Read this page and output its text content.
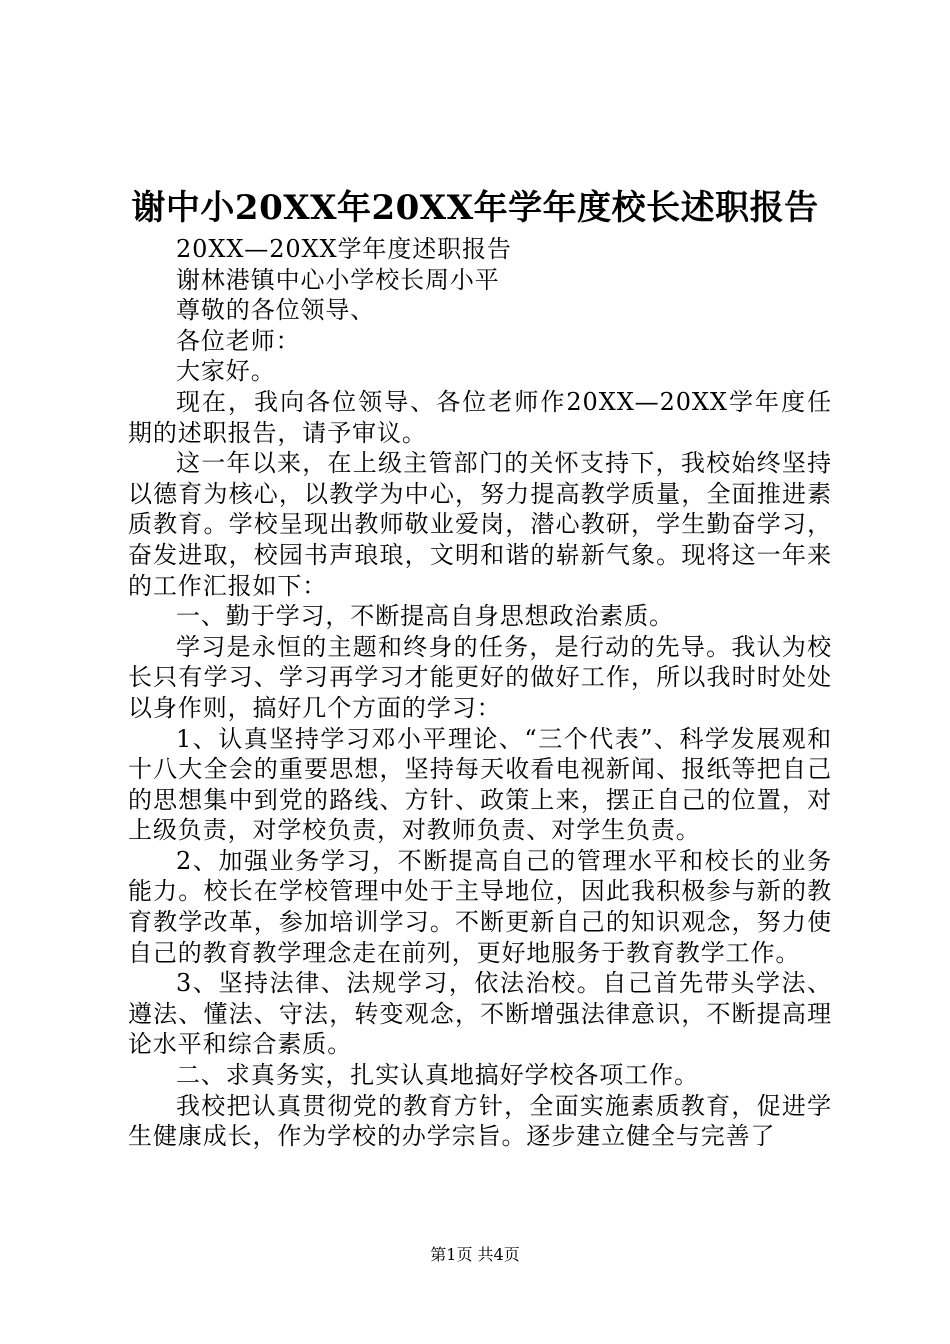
谢中小20XX年20XX年学年度校长述职报告

20XX—20XX学年度述职报告

谢林港镇中心小学校长周小平

尊敬的各位领导、

各位老师：

大家好。

现在，我向各位领导、各位老师作20XX—20XX学年度任期的述职报告，请予审议。

这一年以来，在上级主管部门的关怀支持下，我校始终坚持以德育为核心，以教学为中心，努力提高教学质量，全面推进素质教育。学校呈现出教师敬业爱岗，潜心教研，学生勤奋学习，奋发进取，校园书声琅琅，文明和谐的崭新气象。现将这一年来的工作汇报如下：

一、勤于学习，不断提高自身思想政治素质。

学习是永恒的主题和终身的任务，是行动的先导。我认为校长只有学习、学习再学习才能更好的做好工作，所以我时时处处以身作则，搞好几个方面的学习：

1、认真坚持学习邓小平理论、“三个代表”、科学发展观和十八大全会的重要思想，坚持每天收看电视新闻、报纸等把自己的思想集中到党的路线、方针、政策上来，摆正自己的位置，对上级负责，对学校负责，对教师负责、对学生负责。

2、加强业务学习，不断提高自己的管理水平和校长的业务能力。校长在学校管理中处于主导地位，因此我积极参与新的教育教学改革，参加培训学习。不断更新自己的知识观念，努力使自己的教育教学理念走在前列，更好地服务于教育教学工作。

3、坚持法律、法规学习，依法治校。自己首先带头学法、遵法、懂法、守法，转变观念，不断增强法律意识，不断提高理论水平和综合素质。

二、求真务实，扎实认真地搞好学校各项工作。

我校把认真贯彻党的教育方针，全面实施素质教育，促进学生健康成长，作为学校的办学宗旨。逐步建立健全与完善了

第1页 共4页
